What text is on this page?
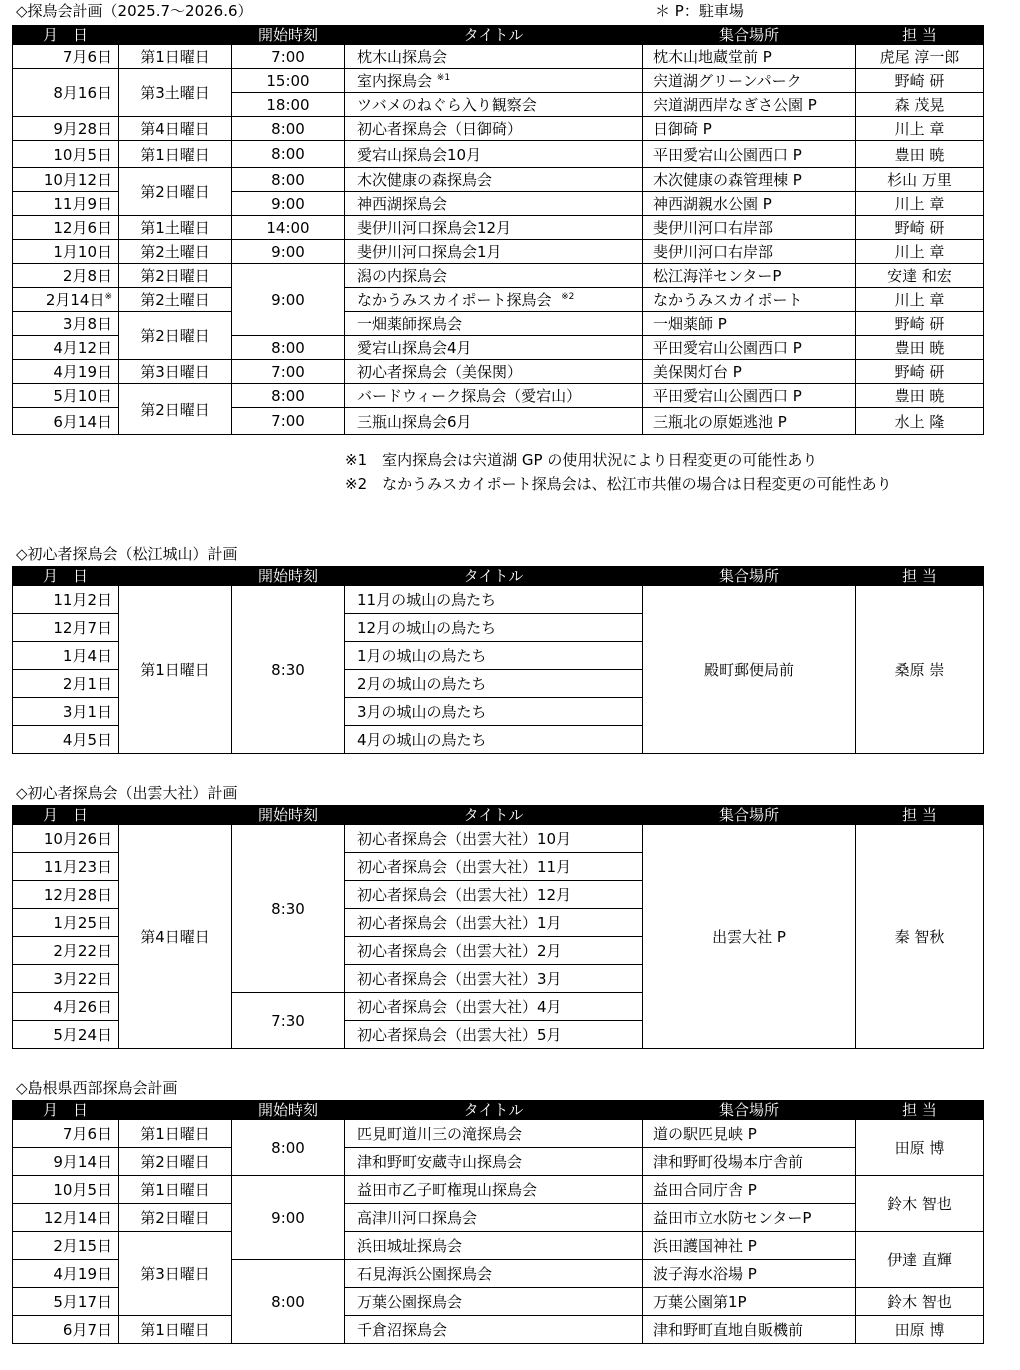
◇探鳥会計画（2025.7～2026.6）	＊ P：駐車場
月　日		開始時刻	タイトル	集合場所	担 当
7月6日	第1日曜日	7:00	枕木山探鳥会	枕木山地蔵堂前 P	虎尾 淳一郎
8月16日	第3土曜日	15:00	室内探鳥会 $^{※1}$	宍道湖グリーンパーク	野崎 研
		18:00	ツバメのねぐら入り観察会	宍道湖西岸なぎさ公園 P	森 茂晃
9月28日	第4日曜日	8:00	初心者探鳥会（日御碕）	日御碕 P	川上 章
10月5日	第1日曜日	8:00	愛宕山探鳥会10月	平田愛宕山公園西口 P	豊田 暁
10月12日	第2日曜日	8:00	木次健康の森探鳥会	木次健康の森管理棟 P	杉山 万里
11月9日		9:00	神西湖探鳥会	神西湖親水公園 P	川上 章
12月6日	第1土曜日	14:00	斐伊川河口探鳥会12月	斐伊川河口右岸部	野崎 研
1月10日	第2土曜日	9:00	斐伊川河口探鳥会1月	斐伊川河口右岸部	川上 章
2月8日	第2日曜日	9:00	潟の内探鳥会	松江海洋センターP	安達 和宏
2月14日※	第2土曜日		なかうみスカイポート探鳥会 $^{※2}$	なかうみスカイポート	川上 章
3月8日	第2日曜日		一畑薬師探鳥会	一畑薬師 P	野崎 研
4月12日		8:00	愛宕山探鳥会4月	平田愛宕山公園西口 P	豊田 暁
4月19日	第3日曜日	7:00	初心者探鳥会（美保関）	美保関灯台 P	野崎 研
5月10日	第2日曜日	8:00	バードウィーク探鳥会（愛宕山）	平田愛宕山公園西口 P	豊田 暁
6月14日		7:00	三瓶山探鳥会6月	三瓶北の原姫逃池 P	水上 隆
※1　室内探鳥会は宍道湖 GP の使用状況により日程変更の可能性あり
※2　なかうみスカイポート探鳥会は、松江市共催の場合は日程変更の可能性あり
◇初心者探鳥会（松江城山）計画
月　日		開始時刻	タイトル	集合場所	担 当
11月2日	第1日曜日	8:30	11月の城山の鳥たち	殿町郵便局前	桑原 崇
12月7日			12月の城山の鳥たち		
1月4日			1月の城山の鳥たち		
2月1日			2月の城山の鳥たち		
3月1日			3月の城山の鳥たち		
4月5日			4月の城山の鳥たち		
◇初心者探鳥会（出雲大社）計画
月　日		開始時刻	タイトル	集合場所	担 当
10月26日	第4日曜日	8:30	初心者探鳥会（出雲大社）10月	出雲大社 P	秦 智秋
11月23日			初心者探鳥会（出雲大社）11月		
12月28日			初心者探鳥会（出雲大社）12月		
1月25日			初心者探鳥会（出雲大社）1月		
2月22日			初心者探鳥会（出雲大社）2月		
3月22日			初心者探鳥会（出雲大社）3月		
4月26日		7:30	初心者探鳥会（出雲大社）4月		
5月24日			初心者探鳥会（出雲大社）5月		
◇島根県西部探鳥会計画
月　日		開始時刻	タイトル	集合場所	担 当
7月6日	第1日曜日	8:00	匹見町道川三の滝探鳥会	道の駅匹見峡 P	田原 博
9月14日	第2日曜日		津和野町安蔵寺山探鳥会	津和野町役場本庁舎前	
10月5日	第1日曜日	9:00	益田市乙子町権現山探鳥会	益田合同庁舎 P	鈴木 智也
12月14日	第2日曜日		高津川河口探鳥会	益田市立水防センターP	
2月15日	第3日曜日		浜田城址探鳥会	浜田護国神社 P	伊達 直輝
4月19日		8:00	石見海浜公園探鳥会	波子海水浴場 P	
5月17日			万葉公園探鳥会	万葉公園第1P	鈴木 智也
6月7日	第1日曜日		千倉沼探鳥会	津和野町直地自販機前	田原 博
